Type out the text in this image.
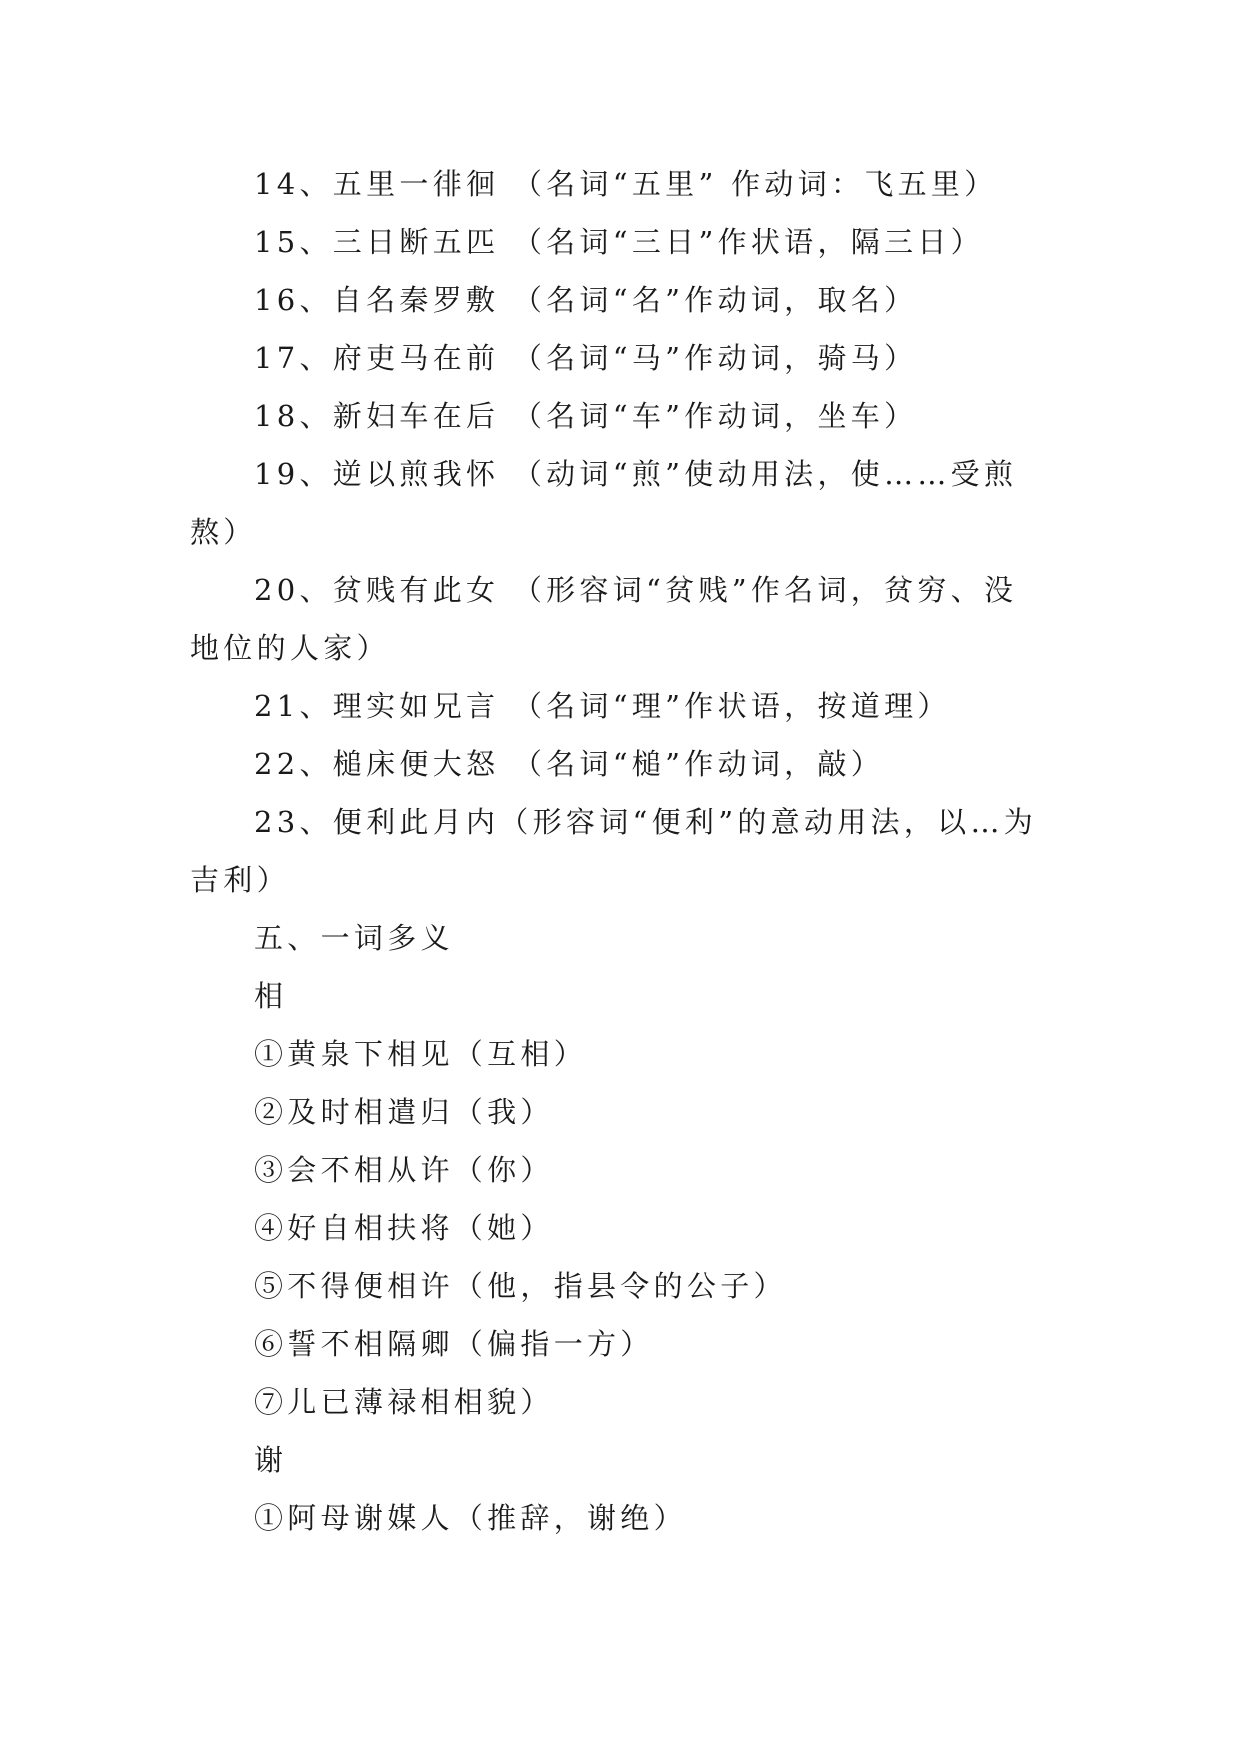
14、五里一徘徊 （名词“五里” 作动词：飞五里）

15、三日断五匹 （名词“三日”作状语，隔三日）

16、自名秦罗敷 （名词“名”作动词，取名）

17、府吏马在前 （名词“马”作动词，骑马）

18、新妇车在后 （名词“车”作动词，坐车）

19、逆以煎我怀 （动词“煎”使动用法，使……受煎熬）

20、贫贱有此女 （形容词“贫贱”作名词，贫穷、没地位的人家）

21、理实如兄言 （名词“理”作状语，按道理）

22、槌床便大怒 （名词“槌”作动词，敲）

23、便利此月内（形容词“便利”的意动用法，以…为吉利）

五、一词多义

相

①黄泉下相见（互相）

②及时相遣归（我）

③会不相从许（你）

④好自相扶将（她）

⑤不得便相许（他，指县令的公子）

⑥誓不相隔卿（偏指一方）

⑦儿已薄禄相相貌）

谢

①阿母谢媒人（推辞，谢绝）
